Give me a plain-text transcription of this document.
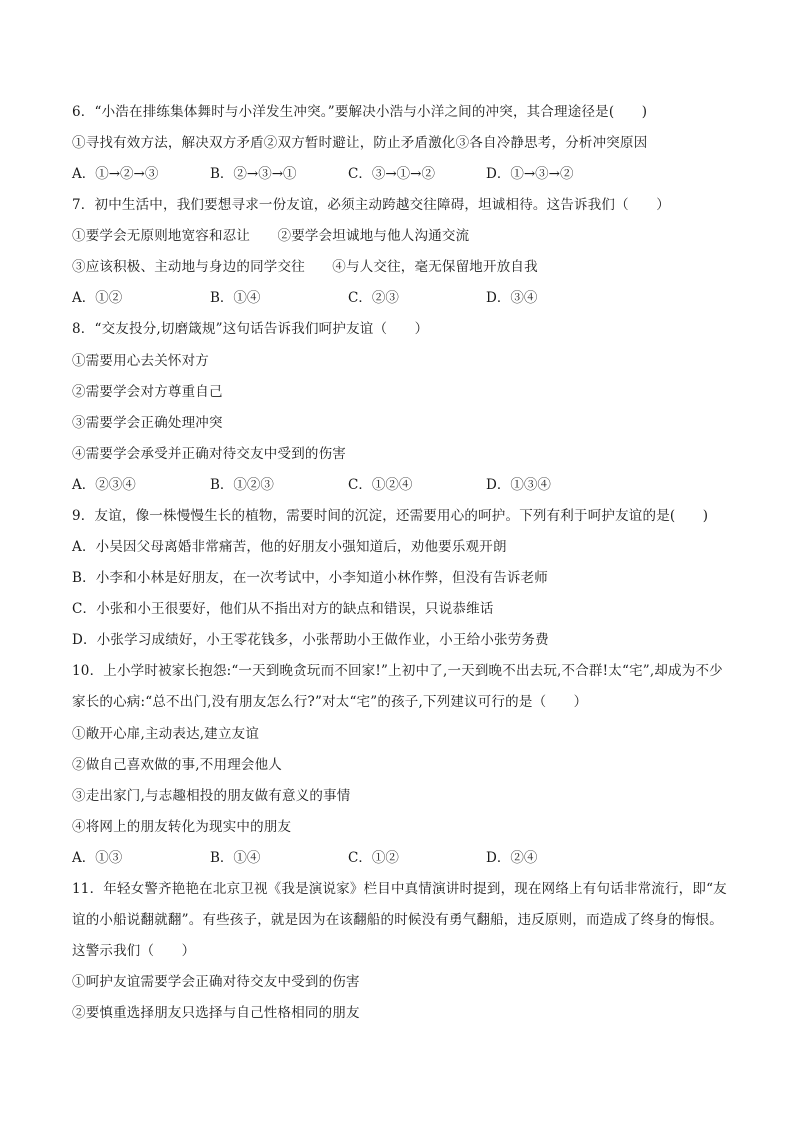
6．“小浩在排练集体舞时与小洋发生冲突。”要解决小浩与小洋之间的冲突，其合理途径是(　　)
①寻找有效方法，解决双方矛盾②双方暂时避让，防止矛盾激化③各自冷静思考，分析冲突原因
A．①→②→③	B．②→③→①	C．③→①→②	D．①→③→②
7．初中生活中，我们要想寻求一份友谊，必须主动跨越交往障碍，坦诚相待。这告诉我们（　　）
①要学会无原则地宽容和忍让　　②要学会坦诚地与他人沟通交流
③应该积极、主动地与身边的同学交往　　④与人交往，毫无保留地开放自我
A．①②	B．①④	C．②③	D．③④
8．“交友投分,切磨箴规”这句话告诉我们呵护友谊（　　）
①需要用心去关怀对方
②需要学会对方尊重自己
③需要学会正确处理冲突
④需要学会承受并正确对待交友中受到的伤害
A．②③④	B．①②③	C．①②④	D．①③④
9．友谊，像一株慢慢生长的植物，需要时间的沉淀，还需要用心的呵护。下列有利于呵护友谊的是(　　)
A．小吴因父母离婚非常痛苦，他的好朋友小强知道后，劝他要乐观开朗
B．小李和小林是好朋友，在一次考试中，小李知道小林作弊，但没有告诉老师
C．小张和小王很要好，他们从不指出对方的缺点和错误，只说恭维话
D．小张学习成绩好，小王零花钱多，小张帮助小王做作业，小王给小张劳务费
10．上小学时被家长抱怨:“一天到晚贪玩而不回家!”上初中了,一天到晚不出去玩,不合群!太“宅”,却成为不少
家长的心病:“总不出门,没有朋友怎么行?”对太“宅”的孩子,下列建议可行的是（　　）
①敞开心扉,主动表达,建立友谊
②做自己喜欢做的事,不用理会他人
③走出家门,与志趣相投的朋友做有意义的事情
④将网上的朋友转化为现实中的朋友
A．①③	B．①④	C．①②	D．②④
11．年轻女警齐艳艳在北京卫视《我是演说家》栏目中真情演讲时提到，现在网络上有句话非常流行，即“友
谊的小船说翻就翻”。有些孩子，就是因为在该翻船的时候没有勇气翻船，违反原则，而造成了终身的悔恨。
这警示我们（　　）
①呵护友谊需要学会正确对待交友中受到的伤害
②要慎重选择朋友只选择与自己性格相同的朋友
